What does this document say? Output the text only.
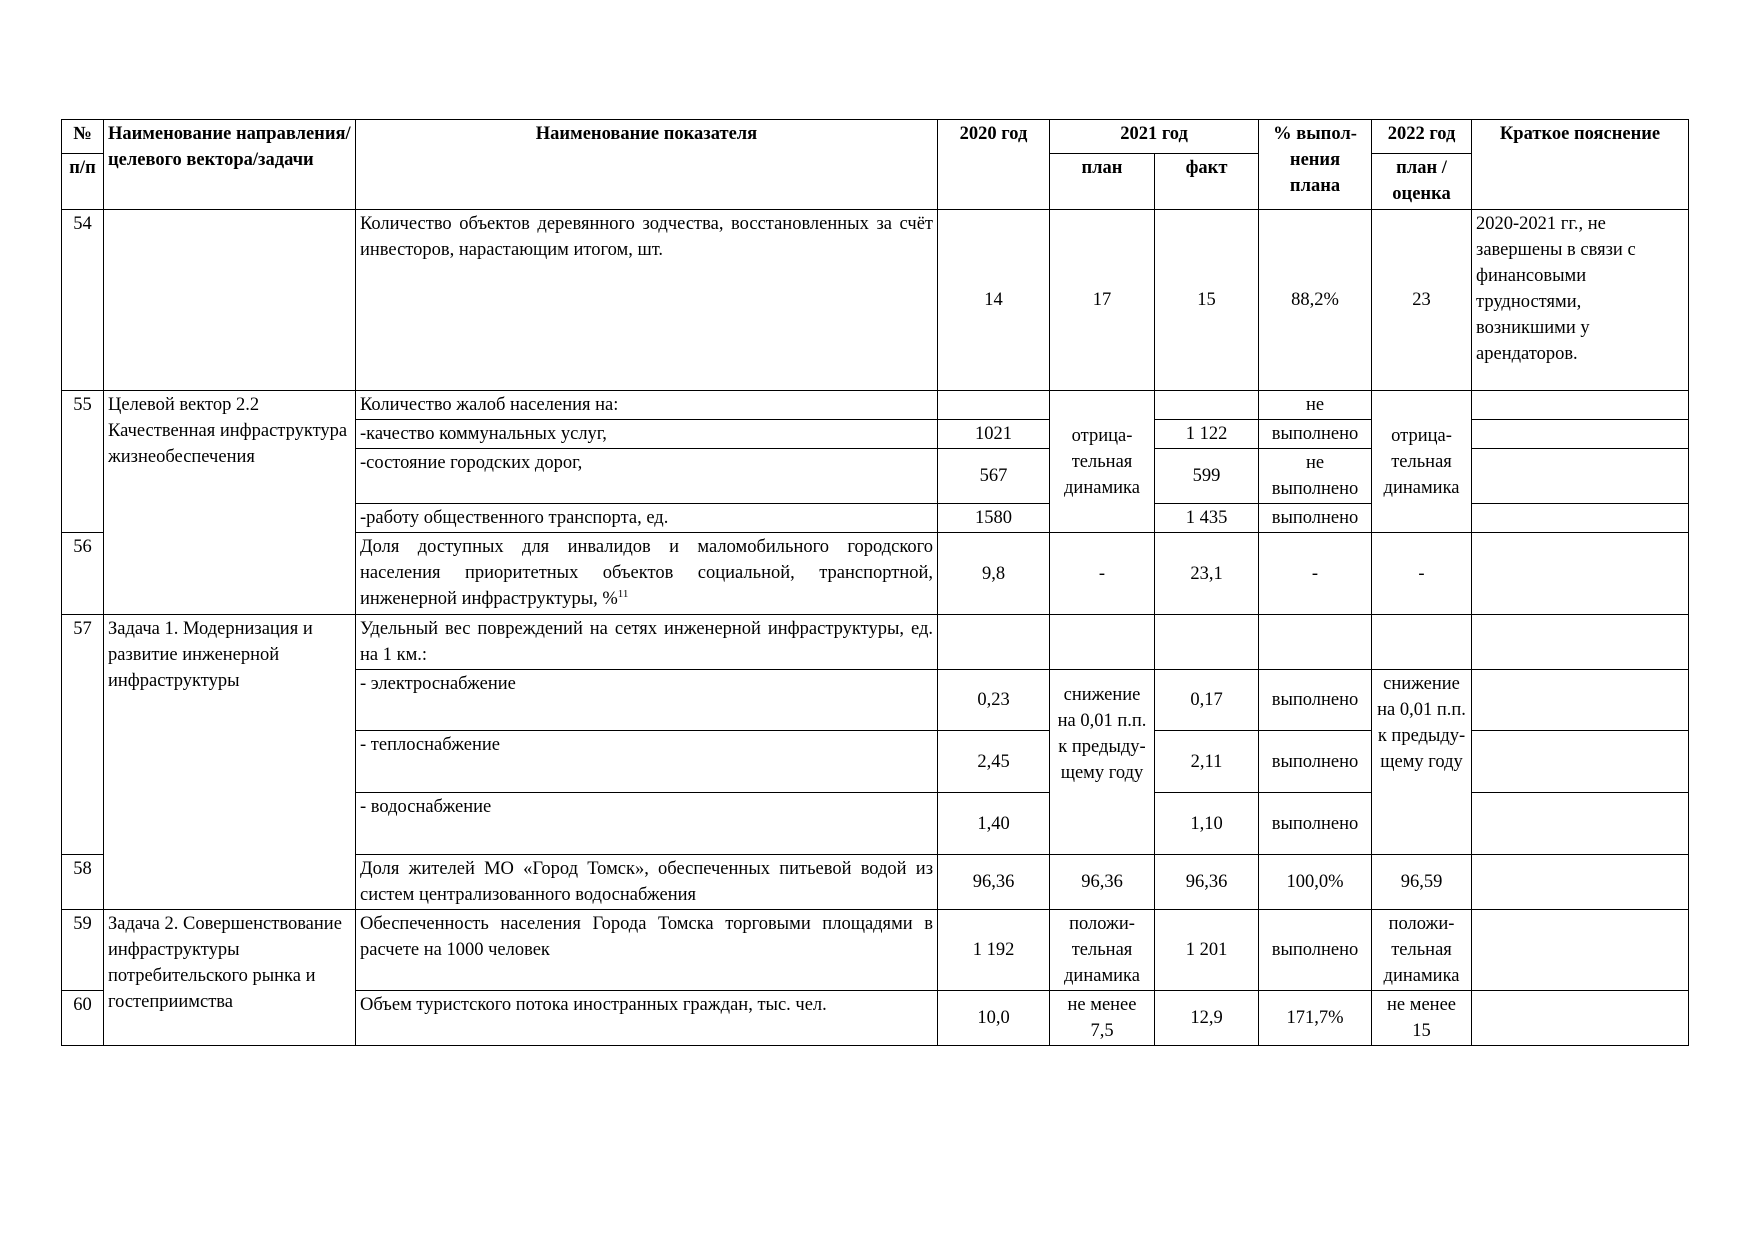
№	Наименование направления/целевого вектора/задачи	Наименование показателя	2020 год	2021 год		% выпол-нения плана	2022 год	Краткое пояснение
п/п				план	факт		план / оценка	
54		Количество объектов деревянного зодчества, восстановленных за счёт инвесторов, нарастающим итогом, шт.	14	17	15	88,2%	23	2020-2021 гг., не завершены в связи с финансовыми трудностями, возникшими у арендаторов.
55	Целевой вектор 2.2 Качественная инфраструктура жизнеобеспечения	Количество жалоб населения на:		отрица-тельная динамика		не	отрица-тельная динамика	
		-качество коммунальных услуг,	1021		1 122	выполнено		
		-состояние городских дорог,	567		599	не выполнено		
		-работу общественного транспорта, ед.	1580		1 435	выполнено		
56		Доля доступных для инвалидов и маломобильного городского населения приоритетных объектов социальной, транспортной, инженерной инфраструктуры, %$^{11}$	9,8	-	23,1	-	-	
57	Задача 1. Модернизация и развитие инженерной инфраструктуры	Удельный вес повреждений на сетях инженерной инфраструктуры, ед. на 1 км.:						
		- электроснабжение	0,23	снижение на 0,01 п.п. к предыду-щему году	0,17	выполнено	снижение на 0,01 п.п. к предыду-щему году	
		- теплоснабжение	2,45		2,11	выполнено		
		- водоснабжение	1,40		1,10	выполнено		
58		Доля жителей МО «Город Томск», обеспеченных питьевой водой из систем централизованного водоснабжения	96,36	96,36	96,36	100,0%	96,59	
59	Задача 2. Совершенствование инфраструктуры потребительского рынка и гостеприимства	Обеспеченность населения Города Томска торговыми площадями в расчете на 1000 человек	1 192	положи-тельная динамика	1 201	выполнено	положи-тельная динамика	
60		Объем туристского потока иностранных граждан, тыс. чел.	10,0	не менее 7,5	12,9	171,7%	не менее 15	
